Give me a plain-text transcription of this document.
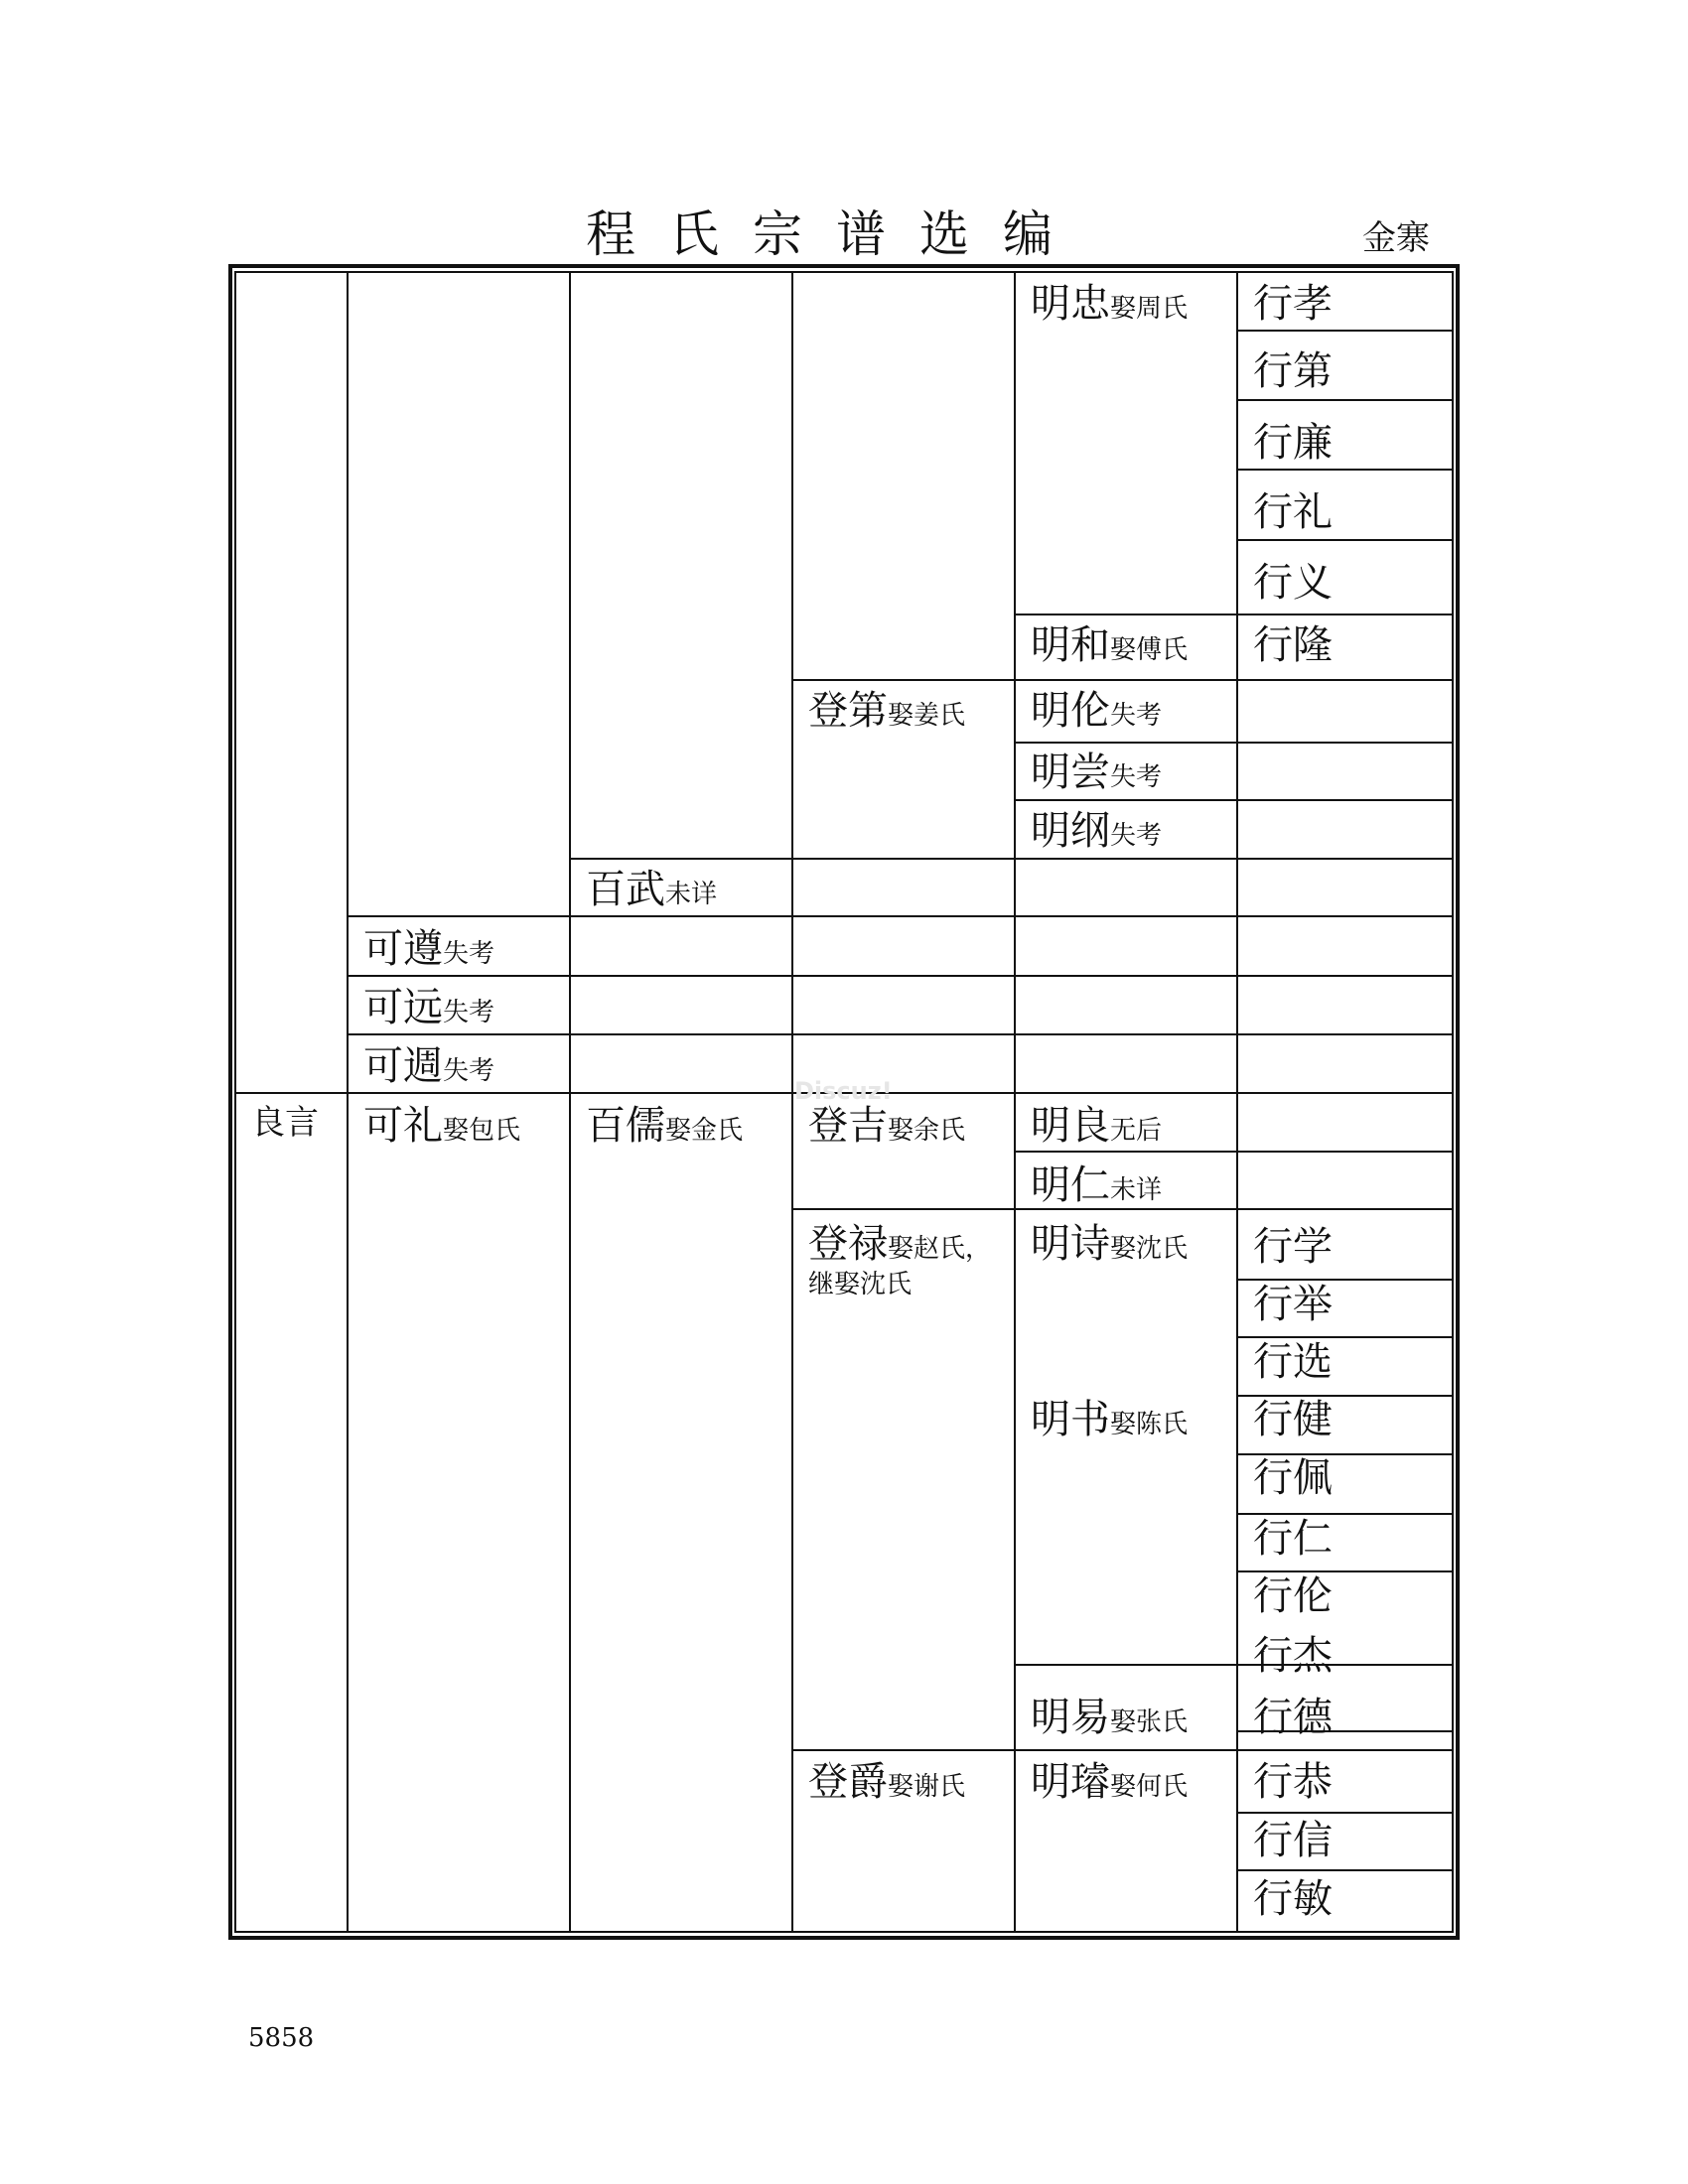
程氏宗谱选编	金寨
明忠娶周氏 行孝
行第
行廉
行礼
行义
明和娶傅氏 行隆
登第娶姜氏 明伦失考
明尝失考
明纲失考
百武未详
可遵失考
可远失考
可週失考
良言 可礼娶包氏 百儒娶金氏 登吉娶余氏 明良无后
明仁未详
登禄娶赵氏，
继娶沈氏
明诗娶沈氏 行学
行举
行选
明书娶陈氏 行健
行佩
行仁
行伦
行杰
明易娶张氏 行德
登爵娶谢氏 明璿娶何氏 行恭
行信
行敏
Discuz!
5858
